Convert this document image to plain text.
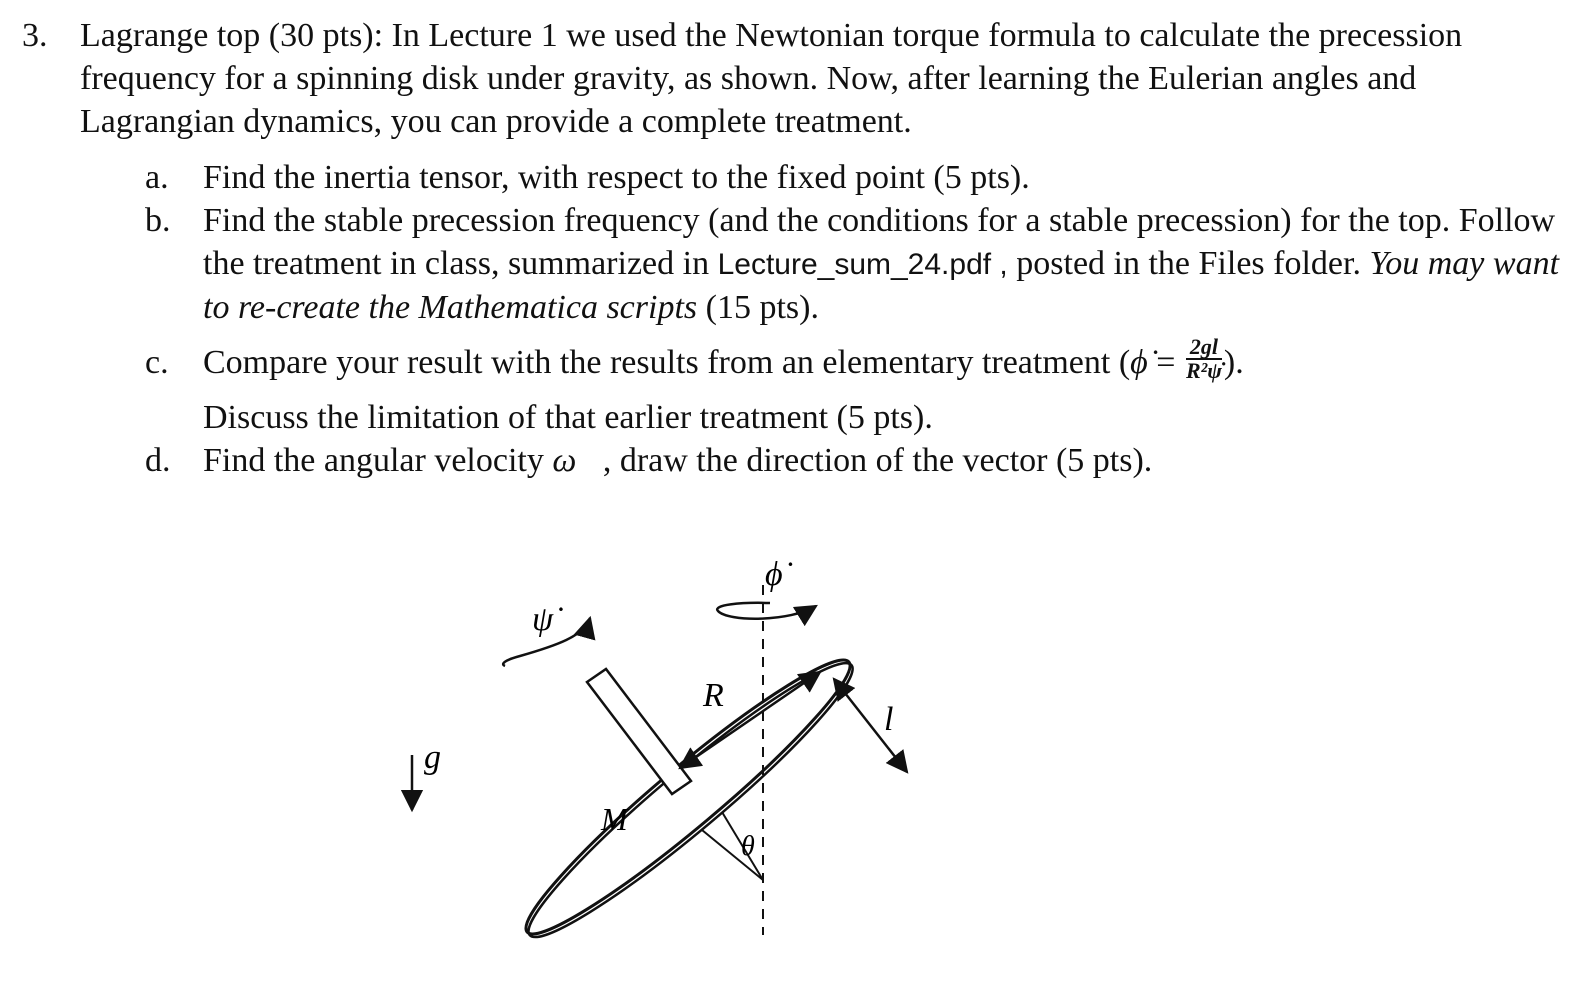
3. Lagrange top (30 pts): In Lecture 1 we used the Newtonian torque formula to calculate the precession frequency for a spinning disk under gravity, as shown. Now, after learning the Eulerian angles and Lagrangian dynamics, you can provide a complete treatment.
a. Find the inertia tensor, with respect to the fixed point (5 pts).
b. Find the stable precession frequency (and the conditions for a stable precession) for the top. Follow the treatment in class, summarized in Lecture_sum_24.pdf , posted in the Files folder. You may want to re-create the Mathematica scripts (15 pts).
c. Compare your result with the results from an elementary treatment (ϕ̇ = $\frac{2gl}{\text{R²ψ̇}}$ ).
Discuss the limitation of that earlier treatment (5 pts).
d. Find the angular velocity ω⃗, draw the direction of the vector (5 pts).
ϕ̇
ψ̇
R
l
g⃗
M
θ
